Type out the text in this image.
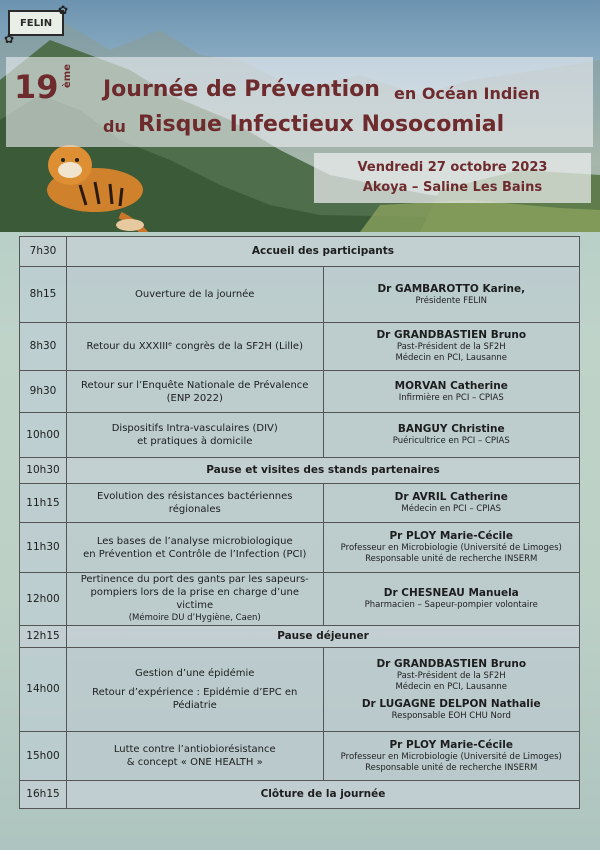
FELIN
✿
✿
19 ème
Journée de Prévention en Océan Indien
du Risque Infectieux Nosocomial
Vendredi 27 octobre 2023
Akoya – Saline Les Bains
7h30	Accueil des participants	
8h15	Ouverture de la journée	Dr GAMBAROTTO Karine,
Présidente FELIN

8h30	Retour du XXXIIIᵉ congrès de la SF2H (Lille)	Dr GRANDBASTIEN Bruno
Past-Président de la SF2H
Médecin en PCI, Lausanne

9h30	Retour sur l’Enquête Nationale de Prévalence
(ENP 2022)	MORVAN Catherine
Infirmière en PCI – CPIAS

10h00	Dispositifs Intra-vasculaires (DIV)
et pratiques à domicile	BANGUY Christine
Puéricultrice en PCI – CPIAS

10h30	Pause et visites des stands partenaires	
11h15	Evolution des résistances bactériennes régionales	Dr AVRIL Catherine
Médecin en PCI – CPIAS

11h30	Les bases de l’analyse microbiologique
en Prévention et Contrôle de l’Infection (PCI)	Pr PLOY Marie-Cécile
Professeur en Microbiologie (Université de Limoges)
Responsable unité de recherche INSERM

12h00	Pertinence du port des gants par les sapeurs-
pompiers lors de la prise en charge d’une victime
(Mémoire DU d’Hygiène, Caen)	Dr CHESNEAU Manuela
Pharmacien – Sapeur-pompier volontaire

12h15	Pause déjeuner	
14h00	Gestion d’une épidémie
Retour d’expérience : Epidémie d’EPC en Pédiatrie	Dr GRANDBASTIEN Bruno
Past-Président de la SF2H
Médecin en PCI, Lausanne
Dr LUGAGNE DELPON Nathalie
Responsable EOH CHU Nord

15h00	Lutte contre l’antiobiorésistance
& concept « ONE HEALTH »	Pr PLOY Marie-Cécile
Professeur en Microbiologie (Université de Limoges)
Responsable unité de recherche INSERM

16h15	Clôture de la journée	
